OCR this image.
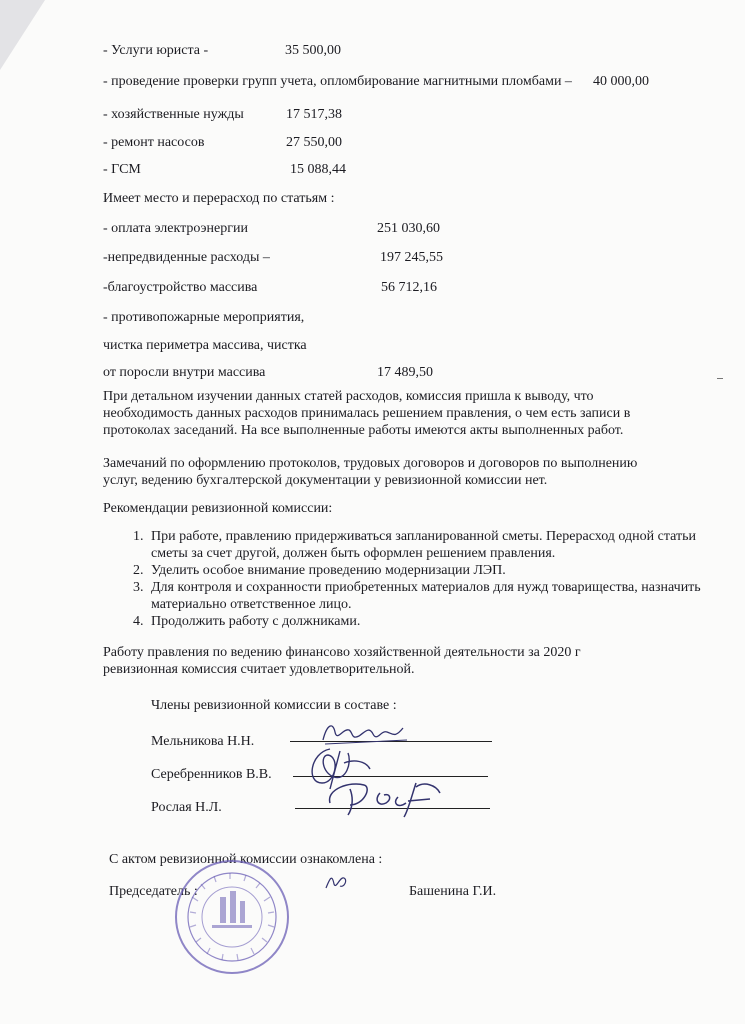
- Услуги юриста -	35 500,00
- проведение проверки групп учета, опломбирование магнитными пломбами – 40 000,00
- хозяйственные нужды	17 517,38
- ремонт насосов	27 550,00
- ГСМ	15 088,44
Имеет место и перерасход по статьям :
- оплата электроэнергии	251 030,60
-непредвиденные расходы –	197 245,55
-благоустройство массива	56 712,16
- противопожарные мероприятия,
чистка периметра массива, чистка
от поросли внутри массива	17 489,50
При детальном изучении данных статей расходов, комиссия пришла к выводу, что необходимость данных расходов принималась решением правления, о чем есть записи в протоколах заседаний. На все выполненные работы имеются акты выполненных работ.
Замечаний по оформлению протоколов, трудовых договоров и договоров по выполнению услуг, ведению бухгалтерской документации у ревизионной комиссии нет.
Рекомендации ревизионной комиссии:
1. При работе, правлению придерживаться запланированной сметы. Перерасход одной статьи сметы за счет другой, должен быть оформлен решением правления.
2. Уделить особое внимание проведению модернизации ЛЭП.
3. Для контроля и сохранности приобретенных материалов для нужд товарищества, назначить материально ответственное лицо.
4. Продолжить работу с должниками.
Работу правления по ведению финансово хозяйственной деятельности за 2020 г ревизионная комиссия считает удовлетворительной.
Члены ревизионной комиссии в составе :
Мельникова Н.Н.
Серебренников В.В.
Рослая Н.Л.
С актом ревизионной комиссии ознакомлена :
Председатель :	Башенина Г.И.
